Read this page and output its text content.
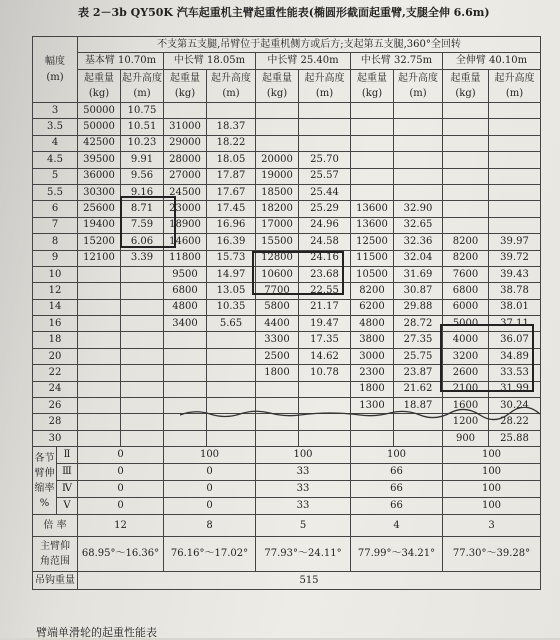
表 2－3b QY50K 汽车起重机主臂起重性能表(椭圆形截面起重臂,支腿全伸 6.6m)
幅度
(m)		不支第五支腿,吊臂位于起重机侧方或后方;支起第五支腿,360°全回转									
		基本臂 10.70m		中长臂 18.05m		中长臂 25.40m		中长臂 32.75m		全伸臂 40.10m	

		起重量
(kg)	起升高度
(m)	起重量
(kg)	起升高度
(m)	起重量
(kg)	起升高度
(m)	起重量
(kg)	起升高度
(m)	起重量
(kg)	起升高度
(m)

3		50000	10.75								
3.5		50000	10.51	31000	18.37						
4		42500	10.23	29000	18.22						
4.5		39500	9.91	28000	18.05	20000	25.70				
5		36000	9.56	27000	17.87	19000	25.57				
5.5		30300	9.16	24500	17.67	18500	25.44				
6		25600	8.71	23000	17.45	18200	25.29	13600	32.90		
7		19400	7.59	18900	16.96	17000	24.96	13600	32.65		
8		15200	6.06	14600	16.39	15500	24.58	12500	32.36	8200	39.97
9		12100	3.39	11800	15.73	12800	24.16	11500	32.04	8200	39.72
10				9500	14.97	10600	23.68	10500	31.69	7600	39.43
12				6800	13.05	7700	22.55	8200	30.87	6800	38.78
14				4800	10.35	5800	21.17	6200	29.88	6000	38.01
16				3400	5.65	4400	19.47	4800	28.72	5000	37.11
18						3300	17.35	3800	27.35	4000	36.07
20						2500	14.62	3000	25.75	3200	34.89
22						1800	10.78	2300	23.87	2600	33.53
24								1800	21.62	2100	31.99
26								1300	18.87	1600	30.24
28										1200	28.22
30										900	25.88

各节
臂伸
缩率
%	Ⅱ	0		100		100		100		100	
	Ⅲ	0		0		33		66		100	
	Ⅳ	0		0		33		66		100	
	Ⅴ	0		0		33		66		100	
倍 率		12		8		5		4		3	

主臂仰
角范围		68.95°～16.36°		76.16°～17.02°		77.93°～24.11°		77.99°～34.21°		77.30°～39.28°	
吊钩重量		515									
臂端单滑轮的起重性能表
